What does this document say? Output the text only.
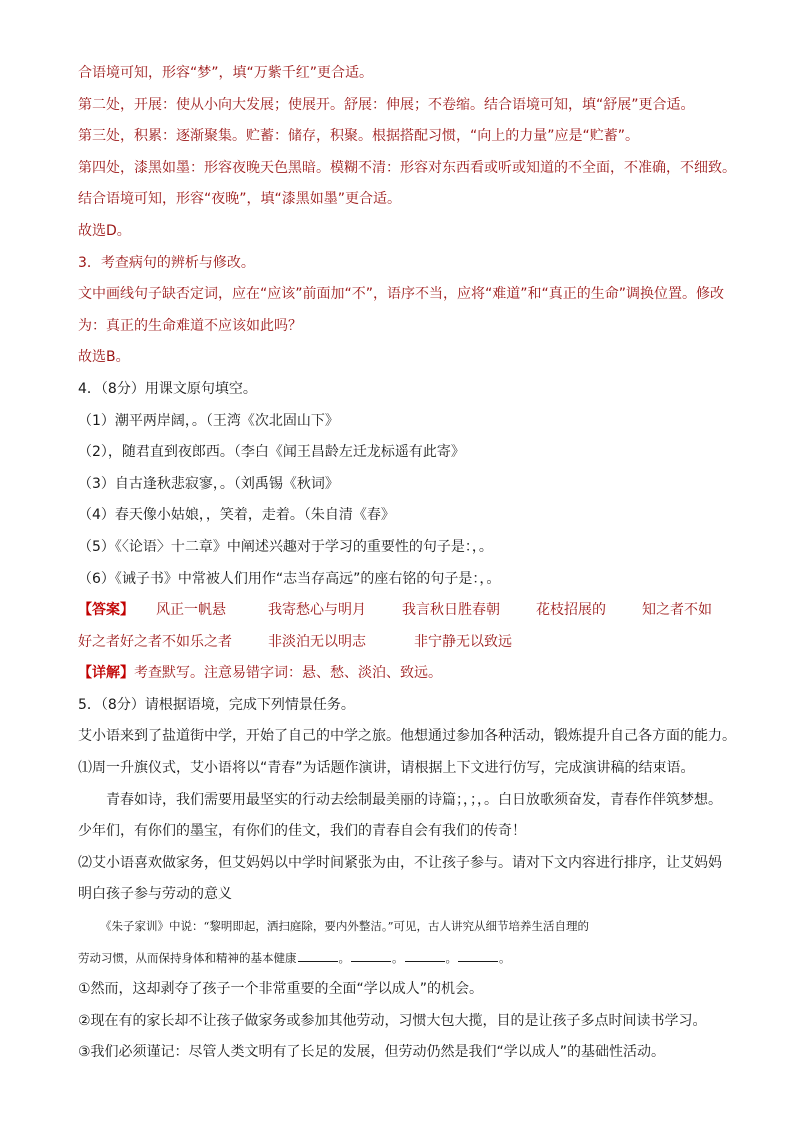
合语境可知，形容“梦”，填“万紫千红”更合适。
第二处，开展：使从小向大发展；使展开。舒展：伸展；不卷缩。结合语境可知，填“舒展”更合适。
第三处，积累：逐渐聚集。贮蓄：储存，积聚。根据搭配习惯，“向上的力量”应是“贮蓄”。
第四处，漆黑如墨：形容夜晚天色黑暗。模糊不清：形容对东西看或听或知道的不全面，不准确，不细致。
结合语境可知，形容“夜晚”，填“漆黑如墨”更合适。
故选D。
3．考查病句的辨析与修改。
文中画线句子缺否定词，应在“应该”前面加“不”，语序不当，应将“难道”和“真正的生命”调换位置。修改
为：真正的生命难道不应该如此吗？
故选B。
4．（8分）用课文原句填空。
（1）潮平两岸阔，。（王湾《次北固山下》
（2），随君直到夜郎西。（李白《闻王昌龄左迁龙标遥有此寄》
（3）自古逢秋悲寂寥，。（刘禹锡《秋词》
（4）春天像小姑娘，，笑着，走着。（朱自清《春》
（5）《〈论语〉十二章》中阐述兴趣对于学习的重要性的句子是：，。
（6）《诫子书》中常被人们用作“志当存高远”的座右铭的句子是：，。
【答案】 风正一帆悬	我寄愁心与明月	我言秋日胜春朝	花枝招展的	知之者不如
好之者好之者不如乐之者	非淡泊无以明志	非宁静无以致远
【详解】考查默写。注意易错字词：悬、愁、淡泊、致远。
5．（8分）请根据语境，完成下列情景任务。
艾小语来到了盐道街中学，开始了自己的中学之旅。他想通过参加各种活动，锻炼提升自己各方面的能力。
⑴周一升旗仪式，艾小语将以“青春”为话题作演讲，请根据上下文进行仿写，完成演讲稿的结束语。
青春如诗，我们需要用最坚实的行动去绘制最美丽的诗篇；，；，。白日放歌须奋发，青春作伴筑梦想。
少年们，有你们的墨宝，有你们的佳文，我们的青春自会有我们的传奇！
⑵艾小语喜欢做家务，但艾妈妈以中学时间紧张为由，不让孩子参与。请对下文内容进行排序，让艾妈妈
明白孩子参与劳动的意义
《朱子家训》中说：“黎明即起，洒扫庭除，要内外整洁。”可见，古人讲究从细节培养生活自理的
劳动习惯，从而保持身体和精神的基本健康	。	。	。	。
①然而，这却剥夺了孩子一个非常重要的全面“学以成人”的机会。
②现在有的家长却不让孩子做家务或参加其他劳动，习惯大包大揽，目的是让孩子多点时间读书学习。
③我们必须谨记：尽管人类文明有了长足的发展，但劳动仍然是我们“学以成人”的基础性活动。
